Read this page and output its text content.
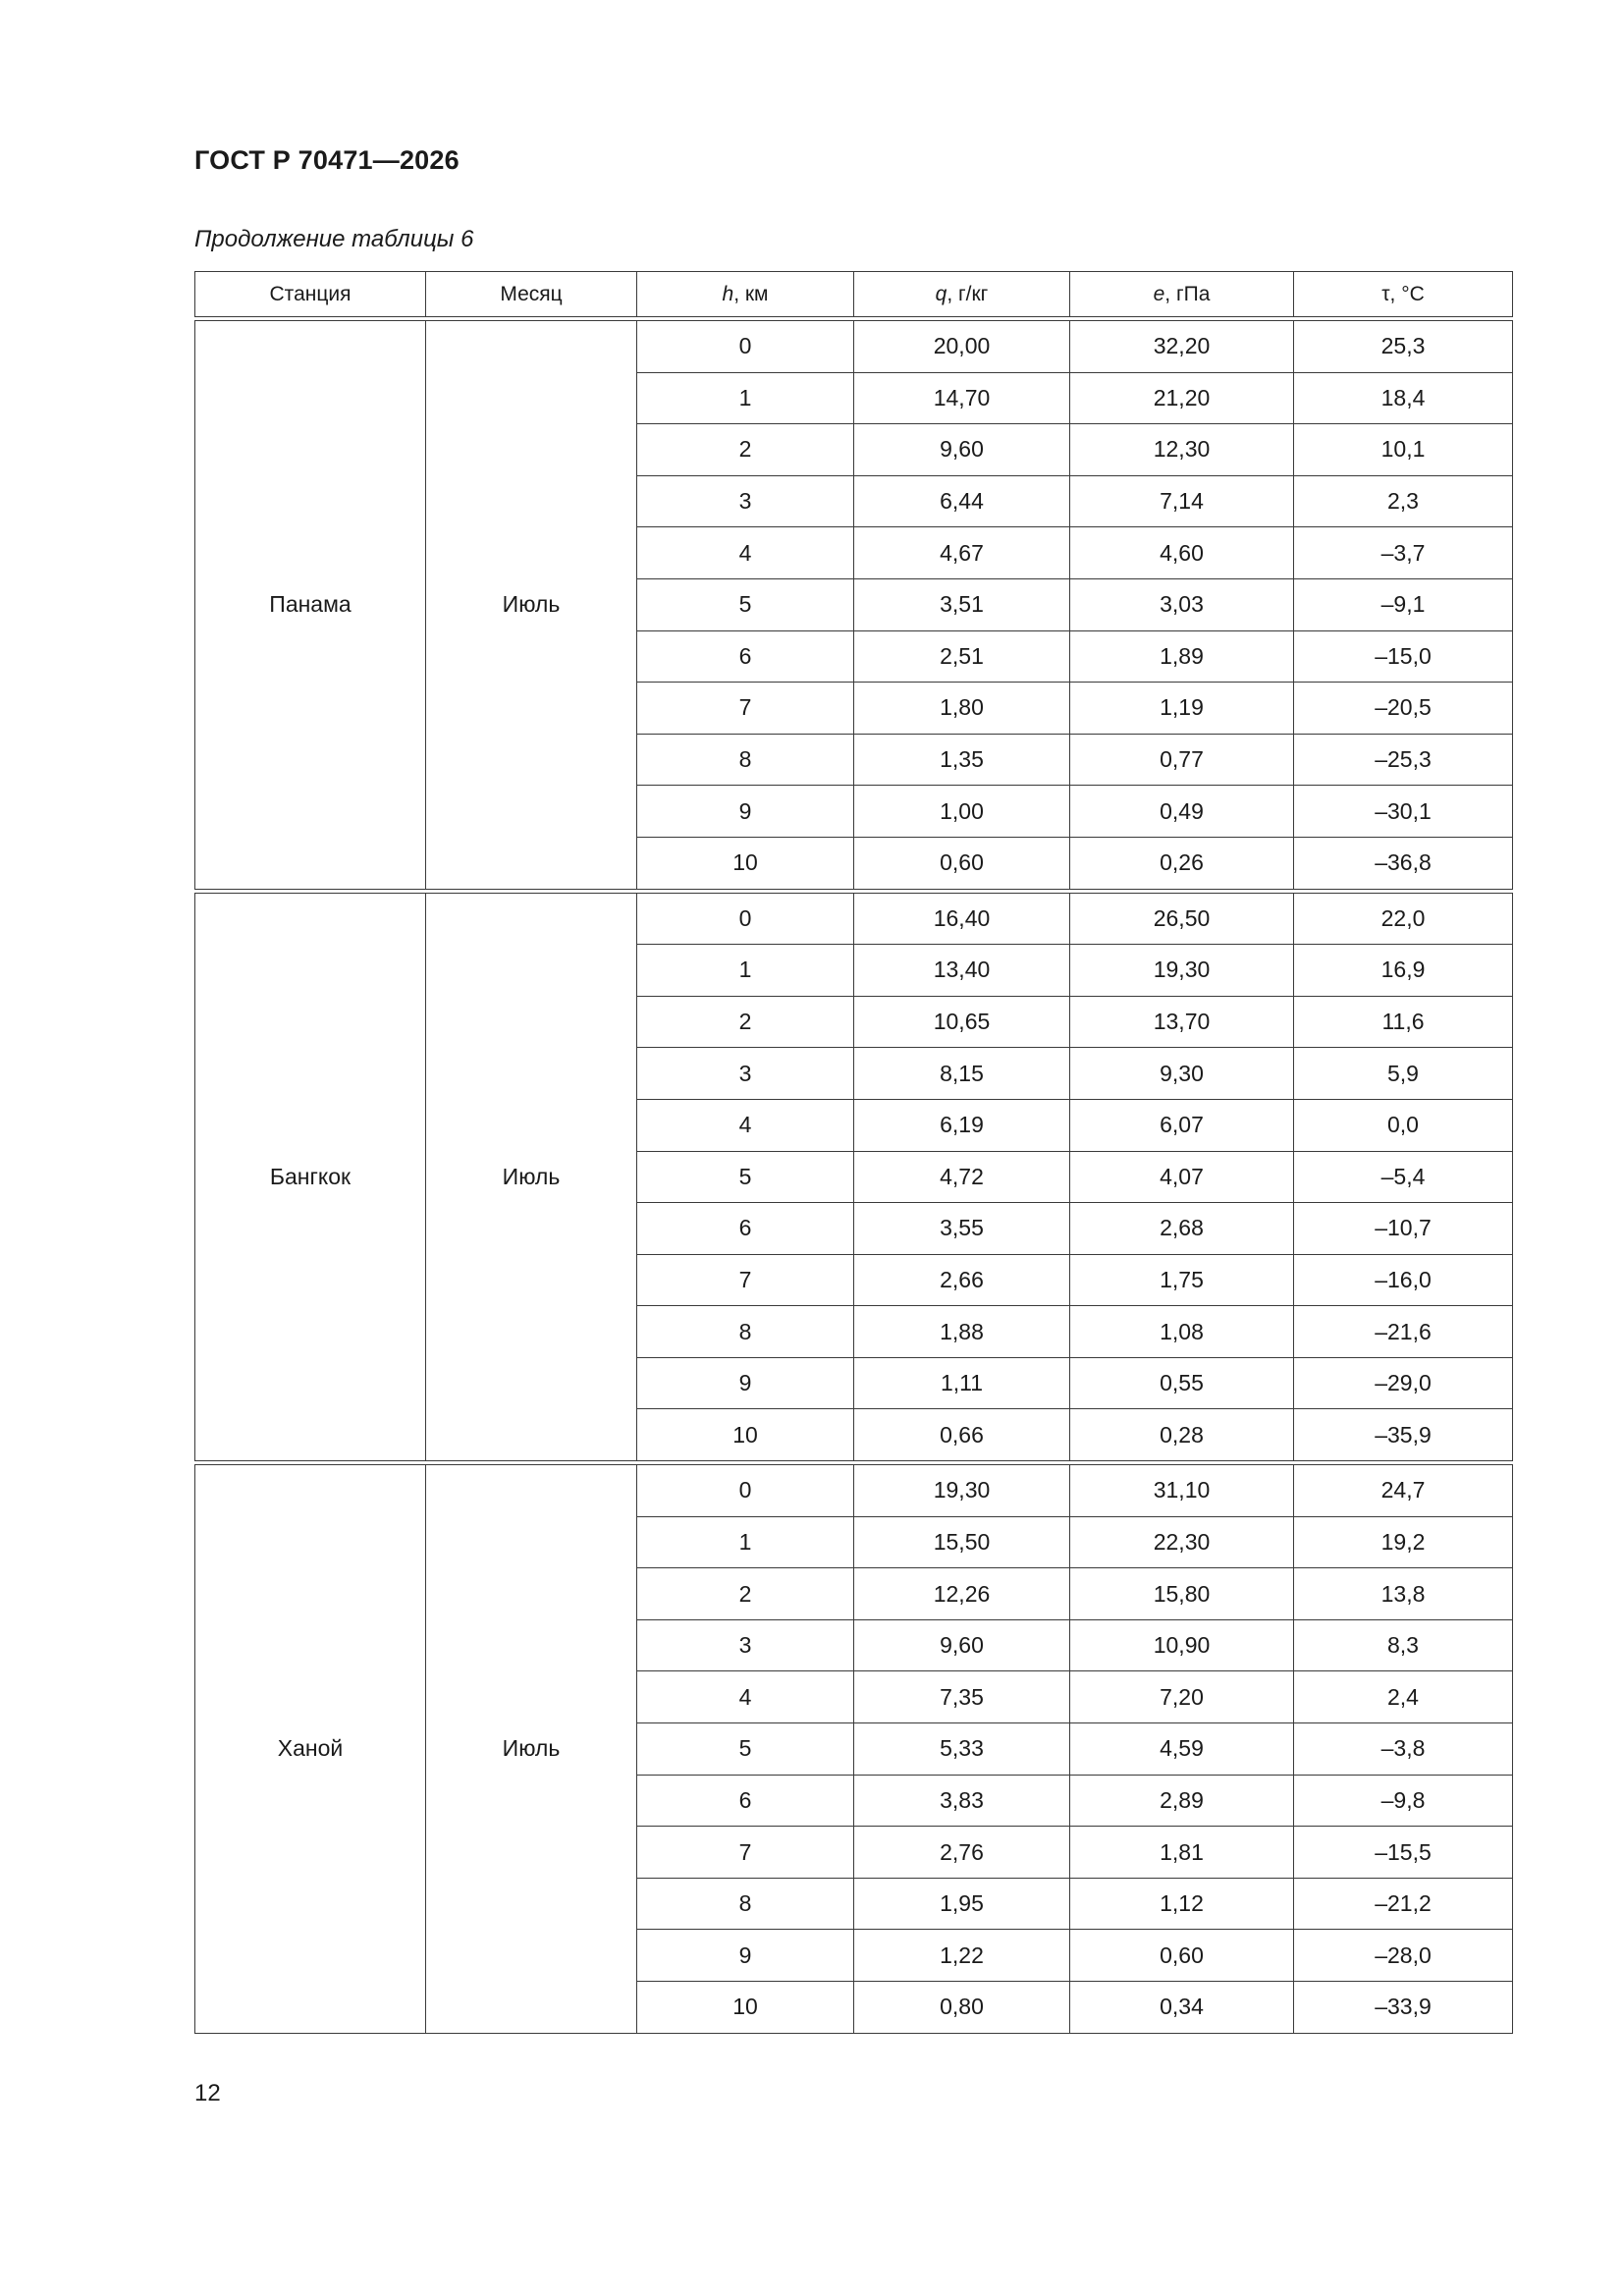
ГОСТ Р 70471—2026
Продолжение таблицы 6
Станция	Месяц	h, км	q, г/кг	e, гПа	τ, °C

Панама	Июль	0	20,00	32,20	25,3
		1	14,70	21,20	18,4
		2	9,60	12,30	10,1
		3	6,44	7,14	2,3
		4	4,67	4,60	–3,7
		5	3,51	3,03	–9,1
		6	2,51	1,89	–15,0
		7	1,80	1,19	–20,5
		8	1,35	0,77	–25,3
		9	1,00	0,49	–30,1
		10	0,60	0,26	–36,8

Бангкок	Июль	0	16,40	26,50	22,0
		1	13,40	19,30	16,9
		2	10,65	13,70	11,6
		3	8,15	9,30	5,9
		4	6,19	6,07	0,0
		5	4,72	4,07	–5,4
		6	3,55	2,68	–10,7
		7	2,66	1,75	–16,0
		8	1,88	1,08	–21,6
		9	1,11	0,55	–29,0
		10	0,66	0,28	–35,9

Ханой	Июль	0	19,30	31,10	24,7
		1	15,50	22,30	19,2
		2	12,26	15,80	13,8
		3	9,60	10,90	8,3
		4	7,35	7,20	2,4
		5	5,33	4,59	–3,8
		6	3,83	2,89	–9,8
		7	2,76	1,81	–15,5
		8	1,95	1,12	–21,2
		9	1,22	0,60	–28,0
		10	0,80	0,34	–33,9
12
